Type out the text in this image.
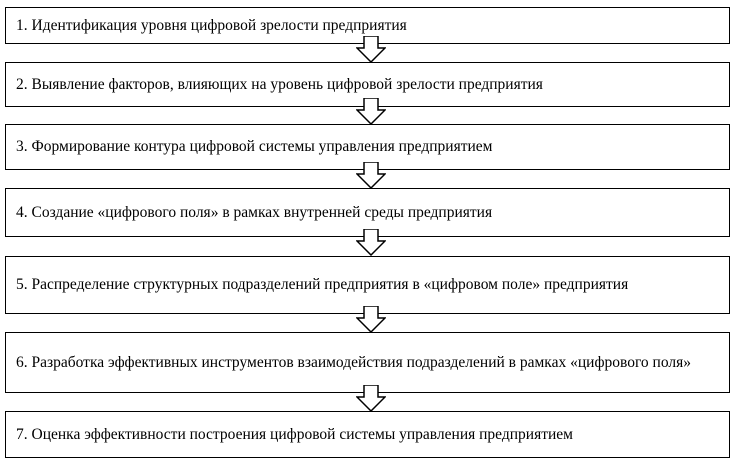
1. Идентификация уровня цифровой зрелости предприятия
2. Выявление факторов, влияющих на уровень цифровой зрелости предприятия
3. Формирование контура цифровой системы управления предприятием
4. Создание «цифрового поля» в рамках внутренней среды предприятия
5. Распределение структурных подразделений предприятия в «цифровом поле» предприятия
6. Разработка эффективных инструментов взаимодействия подразделений в рамках «цифрового поля»
7. Оценка эффективности построения цифровой системы управления предприятием
